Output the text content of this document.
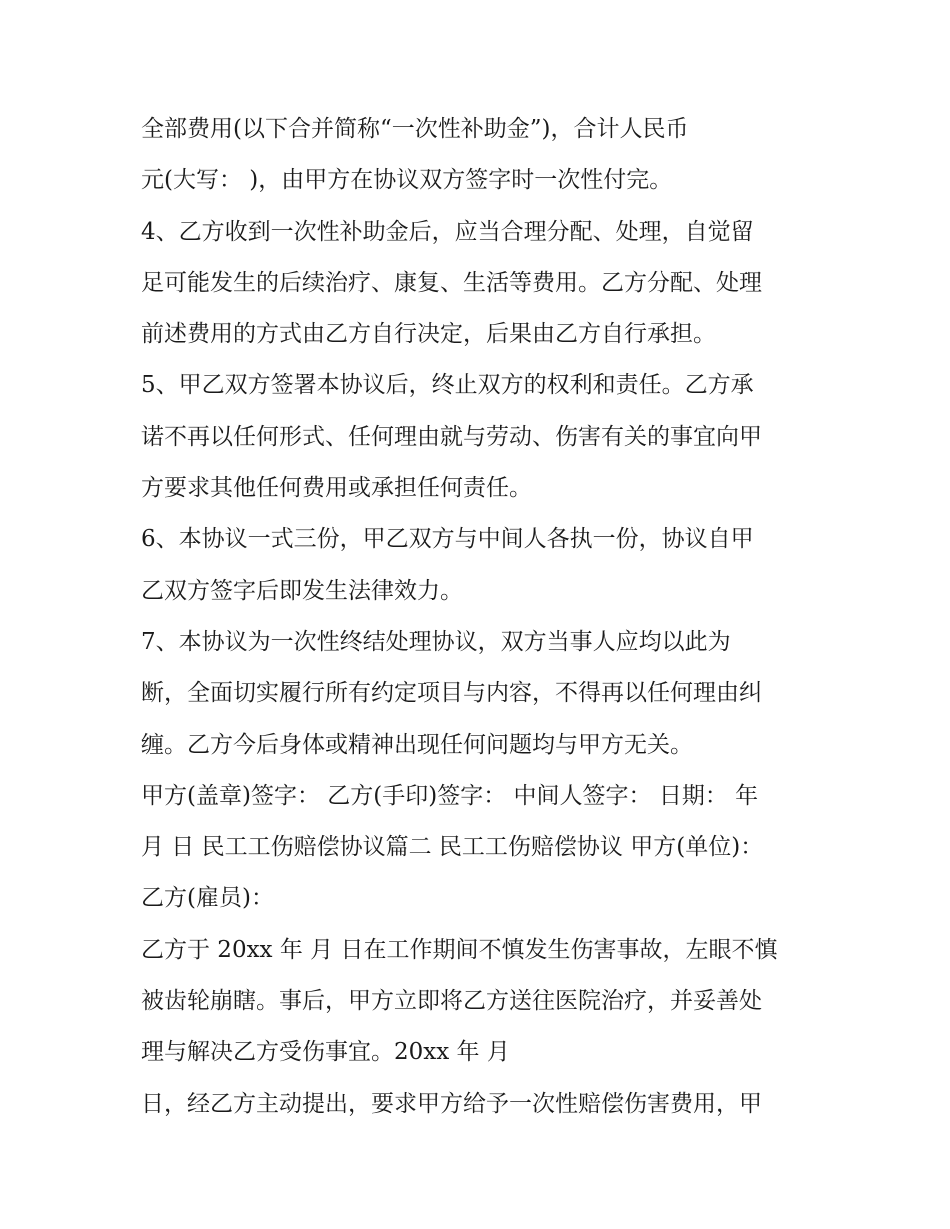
全部费用(以下合并简称“一次性补助金”)，合计人民币
元(大写： )，由甲方在协议双方签字时一次性付完。
4、乙方收到一次性补助金后，应当合理分配、处理，自觉留
足可能发生的后续治疗、康复、生活等费用。乙方分配、处理
前述费用的方式由乙方自行决定，后果由乙方自行承担。
5、甲乙双方签署本协议后，终止双方的权利和责任。乙方承
诺不再以任何形式、任何理由就与劳动、伤害有关的事宜向甲
方要求其他任何费用或承担任何责任。
6、本协议一式三份，甲乙双方与中间人各执一份，协议自甲
乙双方签字后即发生法律效力。
7、本协议为一次性终结处理协议，双方当事人应均以此为
断，全面切实履行所有约定项目与内容，不得再以任何理由纠
缠。乙方今后身体或精神出现任何问题均与甲方无关。
甲方(盖章)签字： 乙方(手印)签字： 中间人签字： 日期： 年
月 日 民工工伤赔偿协议篇二 民工工伤赔偿协议 甲方(单位)：
乙方(雇员)：
乙方于 20xx 年 月 日在工作期间不慎发生伤害事故，左眼不慎
被齿轮崩瞎。事后，甲方立即将乙方送往医院治疗，并妥善处
理与解决乙方受伤事宜。20xx 年 月
日，经乙方主动提出，要求甲方给予一次性赔偿伤害费用，甲
